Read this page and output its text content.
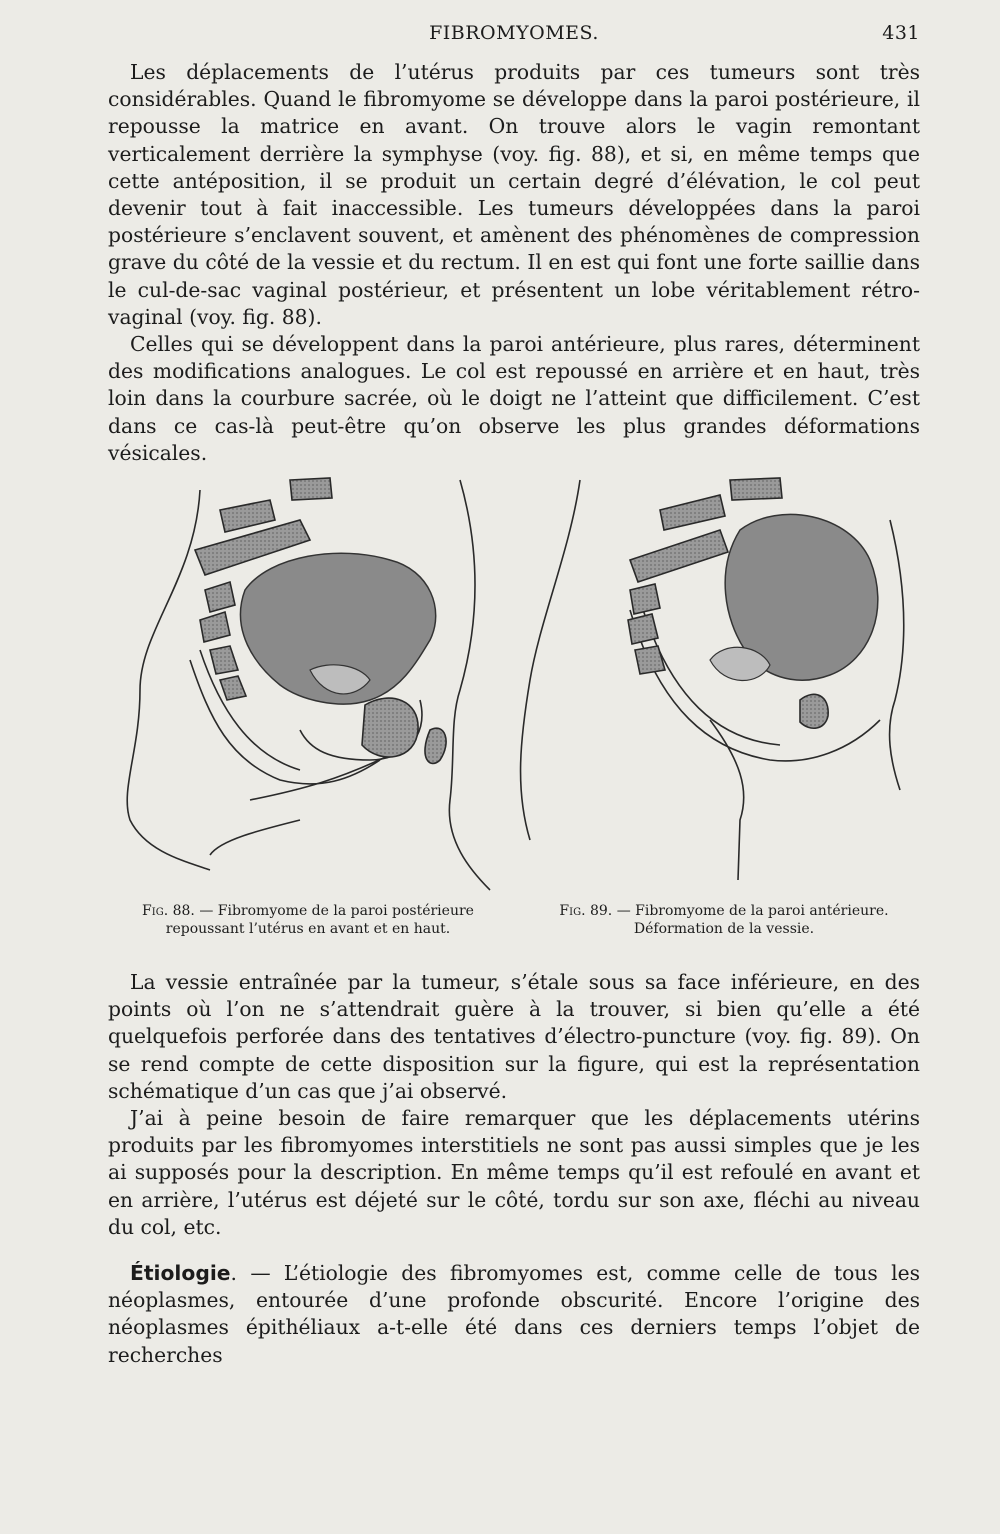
FIBROMYOMES.	431

Les déplacements de l’utérus produits par ces tumeurs sont très considérables. Quand le fibromyome se développe dans la paroi postérieure, il repousse la matrice en avant. On trouve alors le vagin remontant verticalement derrière la symphyse (voy. fig. 88), et si, en même temps que cette antéposition, il se produit un certain degré d’élévation, le col peut devenir tout à fait inaccessible. Les tumeurs développées dans la paroi postérieure s’enclavent souvent, et amènent des phénomènes de compression grave du côté de la vessie et du rectum. Il en est qui font une forte saillie dans le cul-de-sac vaginal postérieur, et présentent un lobe véritablement rétro-vaginal (voy. fig. 88).

Celles qui se développent dans la paroi antérieure, plus rares, déterminent des modifications analogues. Le col est repoussé en arrière et en haut, très loin dans la courbure sacrée, où le doigt ne l’atteint que difficilement. C’est dans ce cas-là peut-être qu’on observe les plus grandes déformations vésicales.

Fig. 88. — Fibromyome de la paroi postérieure repoussant l’utérus en avant et en haut.
Fig. 89. — Fibromyome de la paroi antérieure. Déformation de la vessie.

La vessie entraînée par la tumeur, s’étale sous sa face inférieure, en des points où l’on ne s’attendrait guère à la trouver, si bien qu’elle a été quelquefois perforée dans des tentatives d’électro-puncture (voy. fig. 89). On se rend compte de cette disposition sur la figure, qui est la représentation schématique d’un cas que j’ai observé.

J’ai à peine besoin de faire remarquer que les déplacements utérins produits par les fibromyomes interstitiels ne sont pas aussi simples que je les ai supposés pour la description. En même temps qu’il est refoulé en avant et en arrière, l’utérus est déjeté sur le côté, tordu sur son axe, fléchi au niveau du col, etc.

Étiologie. — L’étiologie des fibromyomes est, comme celle de tous les néoplasmes, entourée d’une profonde obscurité. Encore l’origine des néoplasmes épithéliaux a-t-elle été dans ces derniers temps l’objet de recherches
